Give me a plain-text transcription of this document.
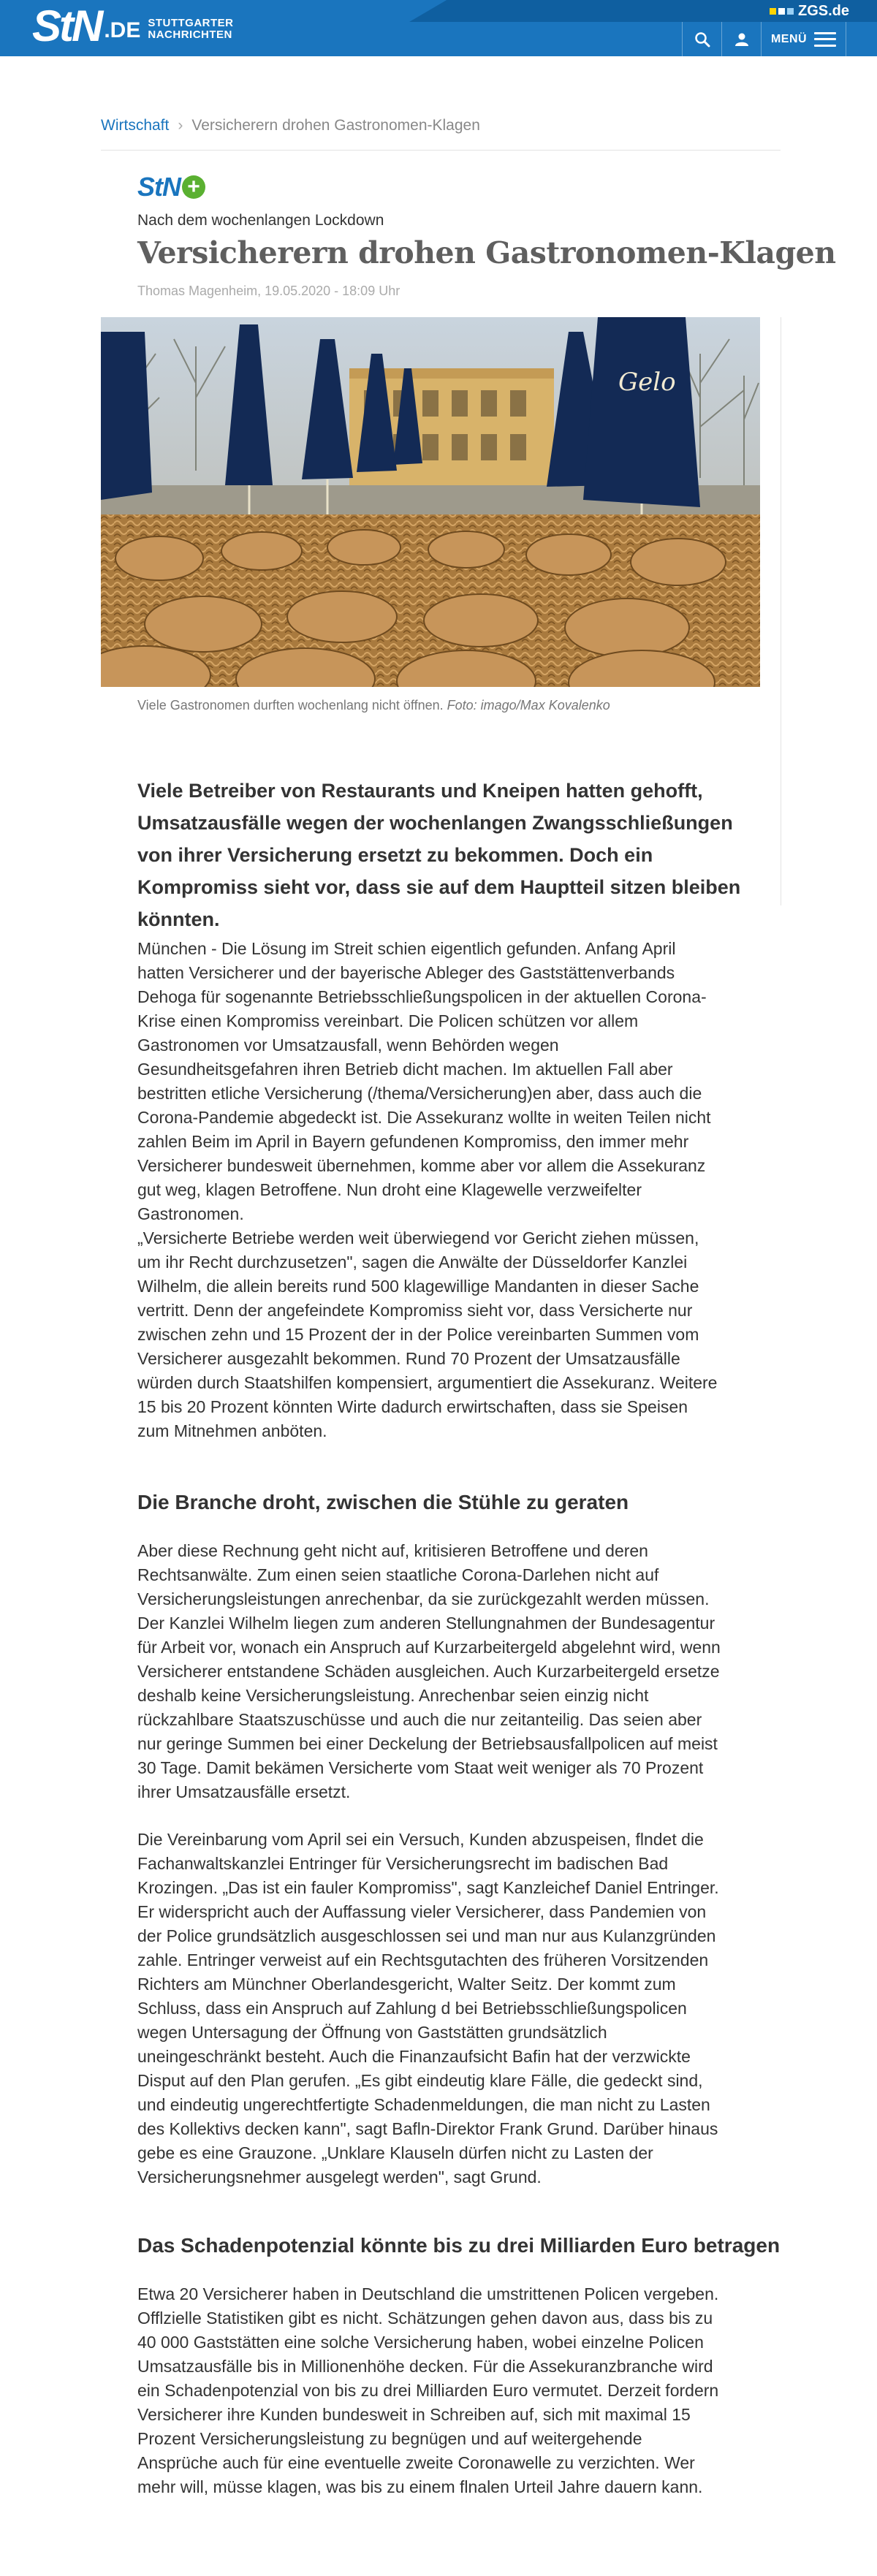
StN .DE STUTTGARTER
NACHRICHTEN
ZGS.de
MENÜ
Wirtschaft › Versicherern drohen Gastronomen-Klagen
StN +
Nach dem wochenlangen Lockdown
Versicherern drohen Gastronomen-Klagen
Thomas Magenheim, 19.05.2020 - 18:09 Uhr
Gelo
Viele Gastronomen durften wochenlang nicht öffnen. Foto: imago/Max Kovalenko

Viele Betreiber von Restaurants und Kneipen hatten gehofft, Umsatzausfälle wegen der wochenlangen Zwangsschließungen von ihrer Versicherung ersetzt zu bekommen. Doch ein Kompromiss sieht vor, dass sie auf dem Hauptteil sitzen bleiben könnten.

München - Die Lösung im Streit schien eigentlich gefunden. Anfang April hatten Versicherer und der bayerische Ableger des Gaststättenverbands Dehoga für sogenannte Betriebsschließungspolicen in der aktuellen Corona-Krise einen Kompromiss vereinbart. Die Policen schützen vor allem Gastronomen vor Umsatzausfall, wenn Behörden wegen Gesundheitsgefahren ihren Betrieb dicht machen. Im aktuellen Fall aber bestritten etliche Versicherung (/thema/Versicherung)en aber, dass auch die Corona-Pandemie abgedeckt ist. Die Assekuranz wollte in weiten Teilen nicht zahlen Beim im April in Bayern gefundenen Kompromiss, den immer mehr Versicherer bundesweit übernehmen, komme aber vor allem die Assekuranz gut weg, klagen Betroffene. Nun droht eine Klagewelle verzweifelter Gastronomen.

„Versicherte Betriebe werden weit überwiegend vor Gericht ziehen müssen, um ihr Recht durchzusetzen", sagen die Anwälte der Düsseldorfer Kanzlei Wilhelm, die allein bereits rund 500 klagewillige Mandanten in dieser Sache vertritt. Denn der angefeindete Kompromiss sieht vor, dass Versicherte nur zwischen zehn und 15 Prozent der in der Police vereinbarten Summen vom Versicherer ausgezahlt bekommen. Rund 70 Prozent der Umsatzausfälle würden durch Staatshilfen kompensiert, argumentiert die Assekuranz. Weitere 15 bis 20 Prozent könnten Wirte dadurch erwirtschaften, dass sie Speisen zum Mitnehmen anböten.

Die Branche droht, zwischen die Stühle zu geraten

Aber diese Rechnung geht nicht auf, kritisieren Betroffene und deren Rechtsanwälte. Zum einen seien staatliche Corona-Darlehen nicht auf Versicherungsleistungen anrechenbar, da sie zurückgezahlt werden müssen. Der Kanzlei Wilhelm liegen zum anderen Stellungnahmen der Bundesagentur für Arbeit vor, wonach ein Anspruch auf Kurzarbeitergeld abgelehnt wird, wenn Versicherer entstandene Schäden ausgleichen. Auch Kurzarbeitergeld ersetze deshalb keine Versicherungsleistung. Anrechenbar seien einzig nicht rückzahlbare Staatszuschüsse und auch die nur zeitanteilig. Das seien aber nur geringe Summen bei einer Deckelung der Betriebsausfallpolicen auf meist 30 Tage. Damit bekämen Versicherte vom Staat weit weniger als 70 Prozent ihrer Umsatzausfälle ersetzt.

Die Vereinbarung vom April sei ein Versuch, Kunden abzuspeisen, flndet die Fachanwaltskanzlei Entringer für Versicherungsrecht im badischen Bad Krozingen. „Das ist ein fauler Kompromiss", sagt Kanzleichef Daniel Entringer. Er widerspricht auch der Auffassung vieler Versicherer, dass Pandemien von der Police grundsätzlich ausgeschlossen sei und man nur aus Kulanzgründen zahle. Entringer verweist auf ein Rechtsgutachten des früheren Vorsitzenden Richters am Münchner Oberlandesgericht, Walter Seitz. Der kommt zum Schluss, dass ein Anspruch auf Zahlung d bei Betriebsschließungspolicen wegen Untersagung der Öffnung von Gaststätten grundsätzlich uneingeschränkt besteht. Auch die Finanzaufsicht Bafin hat der verzwickte Disput auf den Plan gerufen. „Es gibt eindeutig klare Fälle, die gedeckt sind, und eindeutig ungerechtfertigte Schadenmeldungen, die man nicht zu Lasten des Kollektivs decken kann", sagt Bafln-Direktor Frank Grund. Darüber hinaus gebe es eine Grauzone. „Unklare Klauseln dürfen nicht zu Lasten der Versicherungsnehmer ausgelegt werden", sagt Grund.

Das Schadenpotenzial könnte bis zu drei Milliarden Euro betragen

Etwa 20 Versicherer haben in Deutschland die umstrittenen Policen vergeben. Offlzielle Statistiken gibt es nicht. Schätzungen gehen davon aus, dass bis zu 40 000 Gaststätten eine solche Versicherung haben, wobei einzelne Policen Umsatzausfälle bis in Millionenhöhe decken. Für die Assekuranzbranche wird ein Schadenpotenzial von bis zu drei Milliarden Euro vermutet. Derzeit fordern Versicherer ihre Kunden bundesweit in Schreiben auf, sich mit maximal 15 Prozent Versicherungsleistung zu begnügen und auf weitergehende Ansprüche auch für eine eventuelle zweite Coronawelle zu verzichten. Wer mehr will, müsse klagen, was bis zu einem flnalen Urteil Jahre dauern kann.
